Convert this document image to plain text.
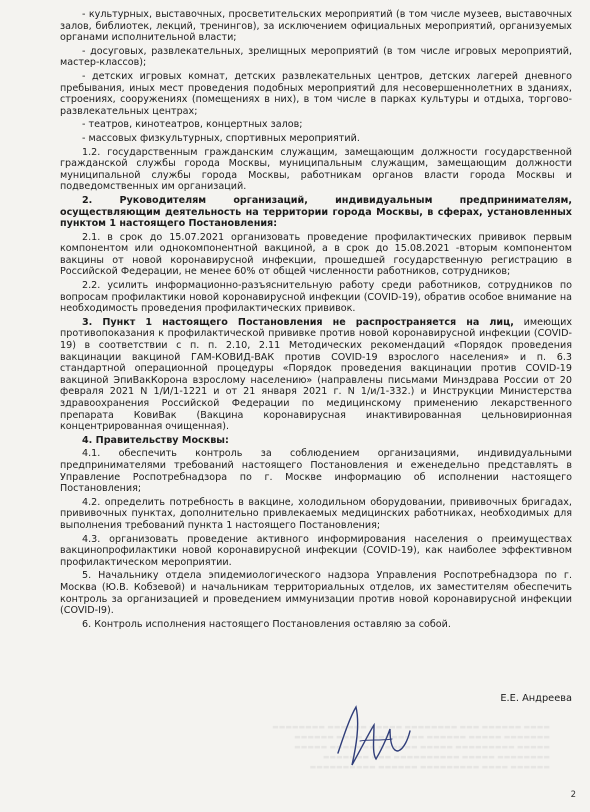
- культурных, выставочных, просветительских мероприятий (в том числе музеев, выставочных залов, библиотек, лекций, тренингов), за исключением официальных мероприятий, организуемых органами исполнительной власти;

- досуговых, развлекательных, зрелищных мероприятий (в том числе игровых мероприятий, мастер-классов);

- детских игровых комнат, детских развлекательных центров, детских лагерей дневного пребывания, иных мест проведения подобных мероприятий для несовершеннолетних в зданиях, строениях, сооружениях (помещениях в них), в том числе в парках культуры и отдыха, торгово-развлекательных центрах;

- театров, кинотеатров, концертных залов;

- массовых физкультурных, спортивных мероприятий.

1.2. государственным гражданским служащим, замещающим должности государственной гражданской службы города Москвы, муниципальным служащим, замещающим должности муниципальной службы города Москвы, работникам органов власти города Москвы и подведомственных им организаций.

2. Руководителям организаций, индивидуальным предпринимателям, осуществляющим деятельность на территории города Москвы, в сферах, установленных пунктом 1 настоящего Постановления:

2.1. в срок до 15.07.2021 организовать проведение профилактических прививок первым компонентом или однокомпонентной вакциной, а в срок до 15.08.2021 -вторым компонентом вакцины от новой коронавирусной инфекции, прошедшей государственную регистрацию в Российской Федерации, не менее 60% от общей численности работников, сотрудников;

2.2. усилить информационно-разъяснительную работу среди работников, сотрудников по вопросам профилактики новой коронавирусной инфекции (COVID-19), обратив особое внимание на необходимость проведения профилактических прививок.

3. Пункт 1 настоящего Постановления не распространяется на лиц, имеющих противопоказания к профилактической прививке против новой коронавирусной инфекции (COVID-19) в соответствии с п. п. 2.10, 2.11 Методических рекомендаций «Порядок проведения вакцинации вакциной ГАМ-КОВИД-ВАК против COVID-19 взрослого населения» и п. 6.3 стандартной операционной процедуры «Порядок проведения вакцинации против COVID-19 вакциной ЭпиВакКорона взрослому населению» (направлены письмами Минздрава России от 20 февраля 2021 N 1/И/1-1221 и от 21 января 2021 г. N 1/и/1-332.) и Инструкции Министерства здравоохранения Российской Федерации по медицинскому применению лекарственного препарата КовиВак (Вакцина коронавирусная инактивированная цельновирионная концентрированная очищенная).

4. Правительству Москвы:

4.1. обеспечить контроль за соблюдением организациями, индивидуальными предпринимателями требований настоящего Постановления и еженедельно представлять в Управление Роспотребнадзора по г. Москве информацию об исполнении настоящего Постановления;

4.2. определить потребность в вакцине, холодильном оборудовании, прививочных бригадах, прививочных пунктах, дополнительно привлекаемых медицинских работниках, необходимых для выполнения требований пункта 1 настоящего Постановления;

4.3. организовать проведение активного информирования населения о преимуществах вакцинопрофилактики новой коронавирусной инфекции (COVID-19), как наиболее эффективном профилактическом мероприятии.

5. Начальнику отдела эпидемиологического надзора Управления Роспотребнадзора по г. Москва (Ю.В. Кобзевой) и начальникам территориальных отделов, их заместителям обеспечить контроль за организацией и проведением иммунизации против новой коронавирусной инфекции (COVID-I9).

6. Контроль исполнения настоящего Постановления оставляю за собой.

Е.Е. Андреева
▬▬▬▬ ▬▬▬▬▬▬ ▬▬▬ ▬▬▬▬▬▬▬▬ ▬▬▬▬▬ ▬▬▬▬▬▬ ▬▬▬▬▬▬▬▬
▬▬▬▬▬▬▬ ▬▬▬▬▬ ▬▬▬▬▬▬ ▬▬▬▬▬▬▬▬▬ ▬▬▬▬ ▬▬▬▬▬▬
▬▬▬▬▬ ▬▬▬▬▬▬▬▬▬ ▬▬▬▬▬ ▬▬▬▬▬▬ ▬▬▬▬▬▬▬ ▬▬▬▬▬
▬▬▬▬▬▬▬▬ ▬▬▬▬▬ ▬▬▬▬▬▬▬▬▬▬ ▬▬▬ ▬▬▬▬▬▬▬
▬▬▬▬▬▬ ▬▬▬▬ ▬▬▬▬▬▬▬▬▬ ▬▬▬▬▬▬ ▬▬▬▬▬▬▬▬▬▬
2
